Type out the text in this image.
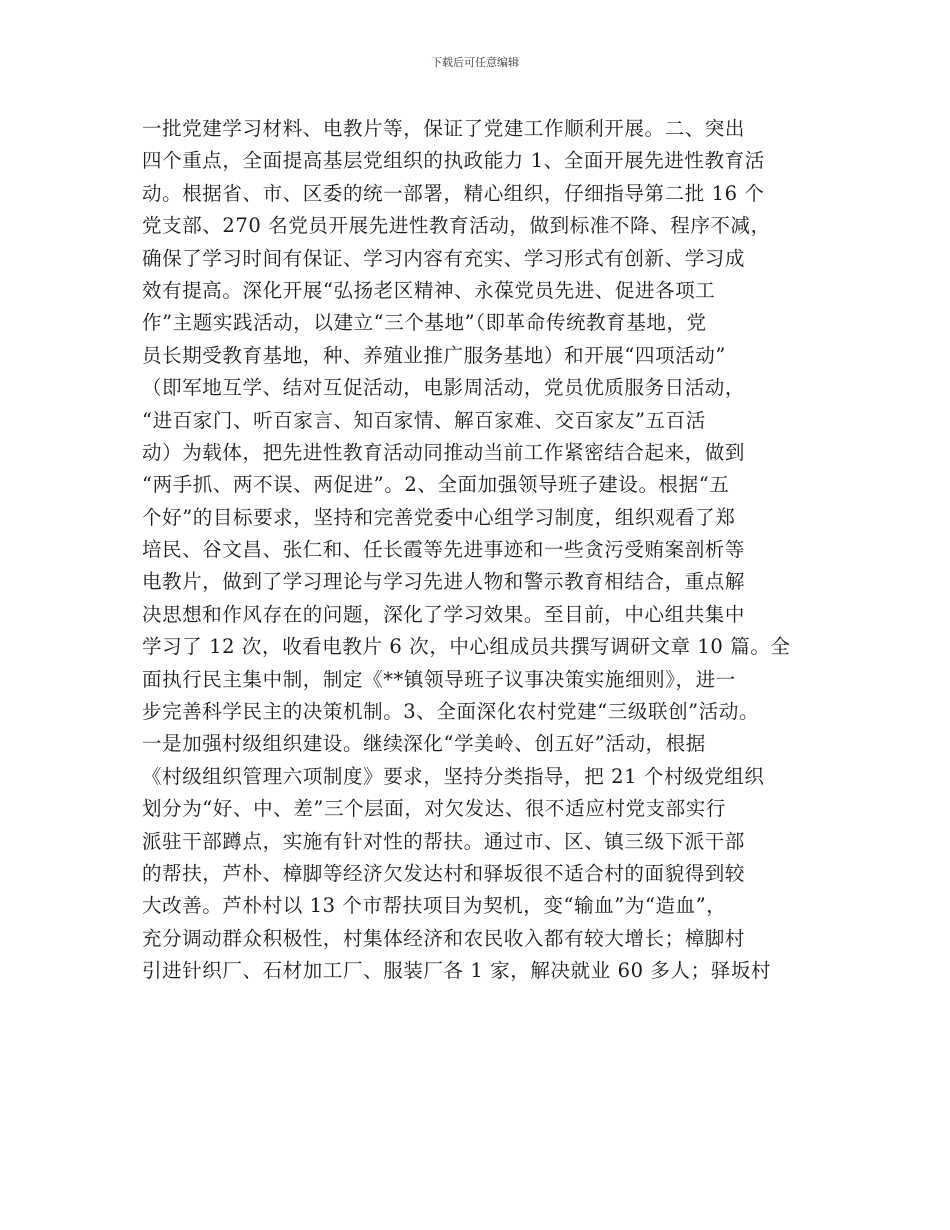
下载后可任意编辑
一批党建学习材料、电教片等，保证了党建工作顺利开展。二、突出
四个重点，全面提高基层党组织的执政能力 1、全面开展先进性教育活
动。根据省、市、区委的统一部署，精心组织，仔细指导第二批 16 个
党支部、270 名党员开展先进性教育活动，做到标准不降、程序不减，
确保了学习时间有保证、学习内容有充实、学习形式有创新、学习成
效有提高。深化开展“弘扬老区精神、永葆党员先进、促进各项工
作”主题实践活动，以建立“三个基地”（即革命传统教育基地，党
员长期受教育基地，种、养殖业推广服务基地）和开展“四项活动”
（即军地互学、结对互促活动，电影周活动，党员优质服务日活动，
“进百家门、听百家言、知百家情、解百家难、交百家友”五百活
动）为载体，把先进性教育活动同推动当前工作紧密结合起来，做到
“两手抓、两不误、两促进”。2、全面加强领导班子建设。根据“五
个好”的目标要求，坚持和完善党委中心组学习制度，组织观看了郑
培民、谷文昌、张仁和、任长霞等先进事迹和一些贪污受贿案剖析等
电教片，做到了学习理论与学习先进人物和警示教育相结合，重点解
决思想和作风存在的问题，深化了学习效果。至目前，中心组共集中
学习了 12 次，收看电教片 6 次，中心组成员共撰写调研文章 10 篇。全
面执行民主集中制，制定《**镇领导班子议事决策实施细则》，进一
步完善科学民主的决策机制。3、全面深化农村党建“三级联创”活动。
一是加强村级组织建设。继续深化“学美岭、创五好”活动，根据
《村级组织管理六项制度》要求，坚持分类指导，把 21 个村级党组织
划分为“好、中、差”三个层面，对欠发达、很不适应村党支部实行
派驻干部蹲点，实施有针对性的帮扶。通过市、区、镇三级下派干部
的帮扶，芦朴、樟脚等经济欠发达村和驿坂很不适合村的面貌得到较
大改善。芦朴村以 13 个市帮扶项目为契机，变“输血”为“造血”，
充分调动群众积极性，村集体经济和农民收入都有较大增长；樟脚村
引进针织厂、石材加工厂、服装厂各 1 家，解决就业 60 多人；驿坂村
